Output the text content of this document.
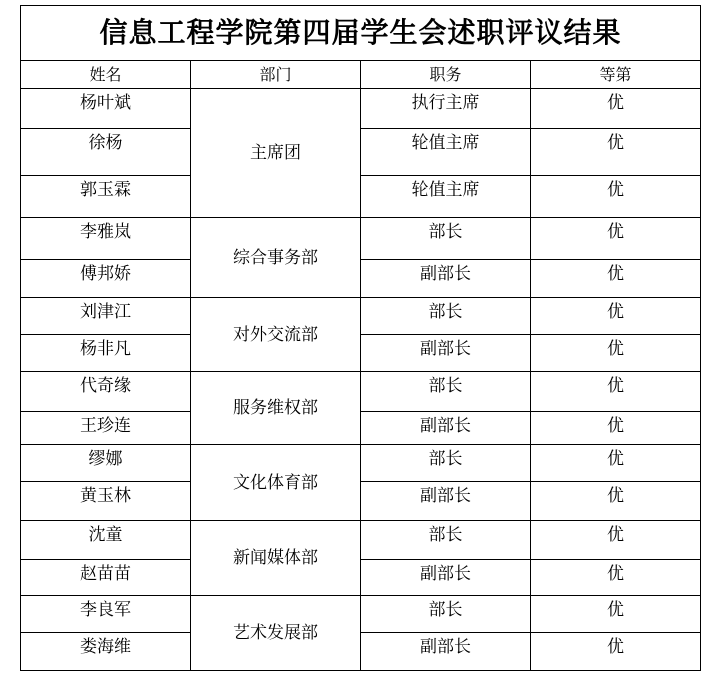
信息工程学院第四届学生会述职评议结果			
姓名	部门	职务	等第

杨叶斌	主席团	执行主席	优

徐杨		轮值主席	优

郭玉霖		轮值主席	优

李雅岚	综合事务部	部长	优

傅邦娇		副部长	优

刘津江	对外交流部	部长	优

杨非凡		副部长	优

代奇缘	服务维权部	部长	优

王珍连		副部长	优

缪娜	文化体育部	部长	优

黄玉林		副部长	优

沈童	新闻媒体部	部长	优

赵苗苗		副部长	优

李良军	艺术发展部	部长	优

娄海维		副部长	优
